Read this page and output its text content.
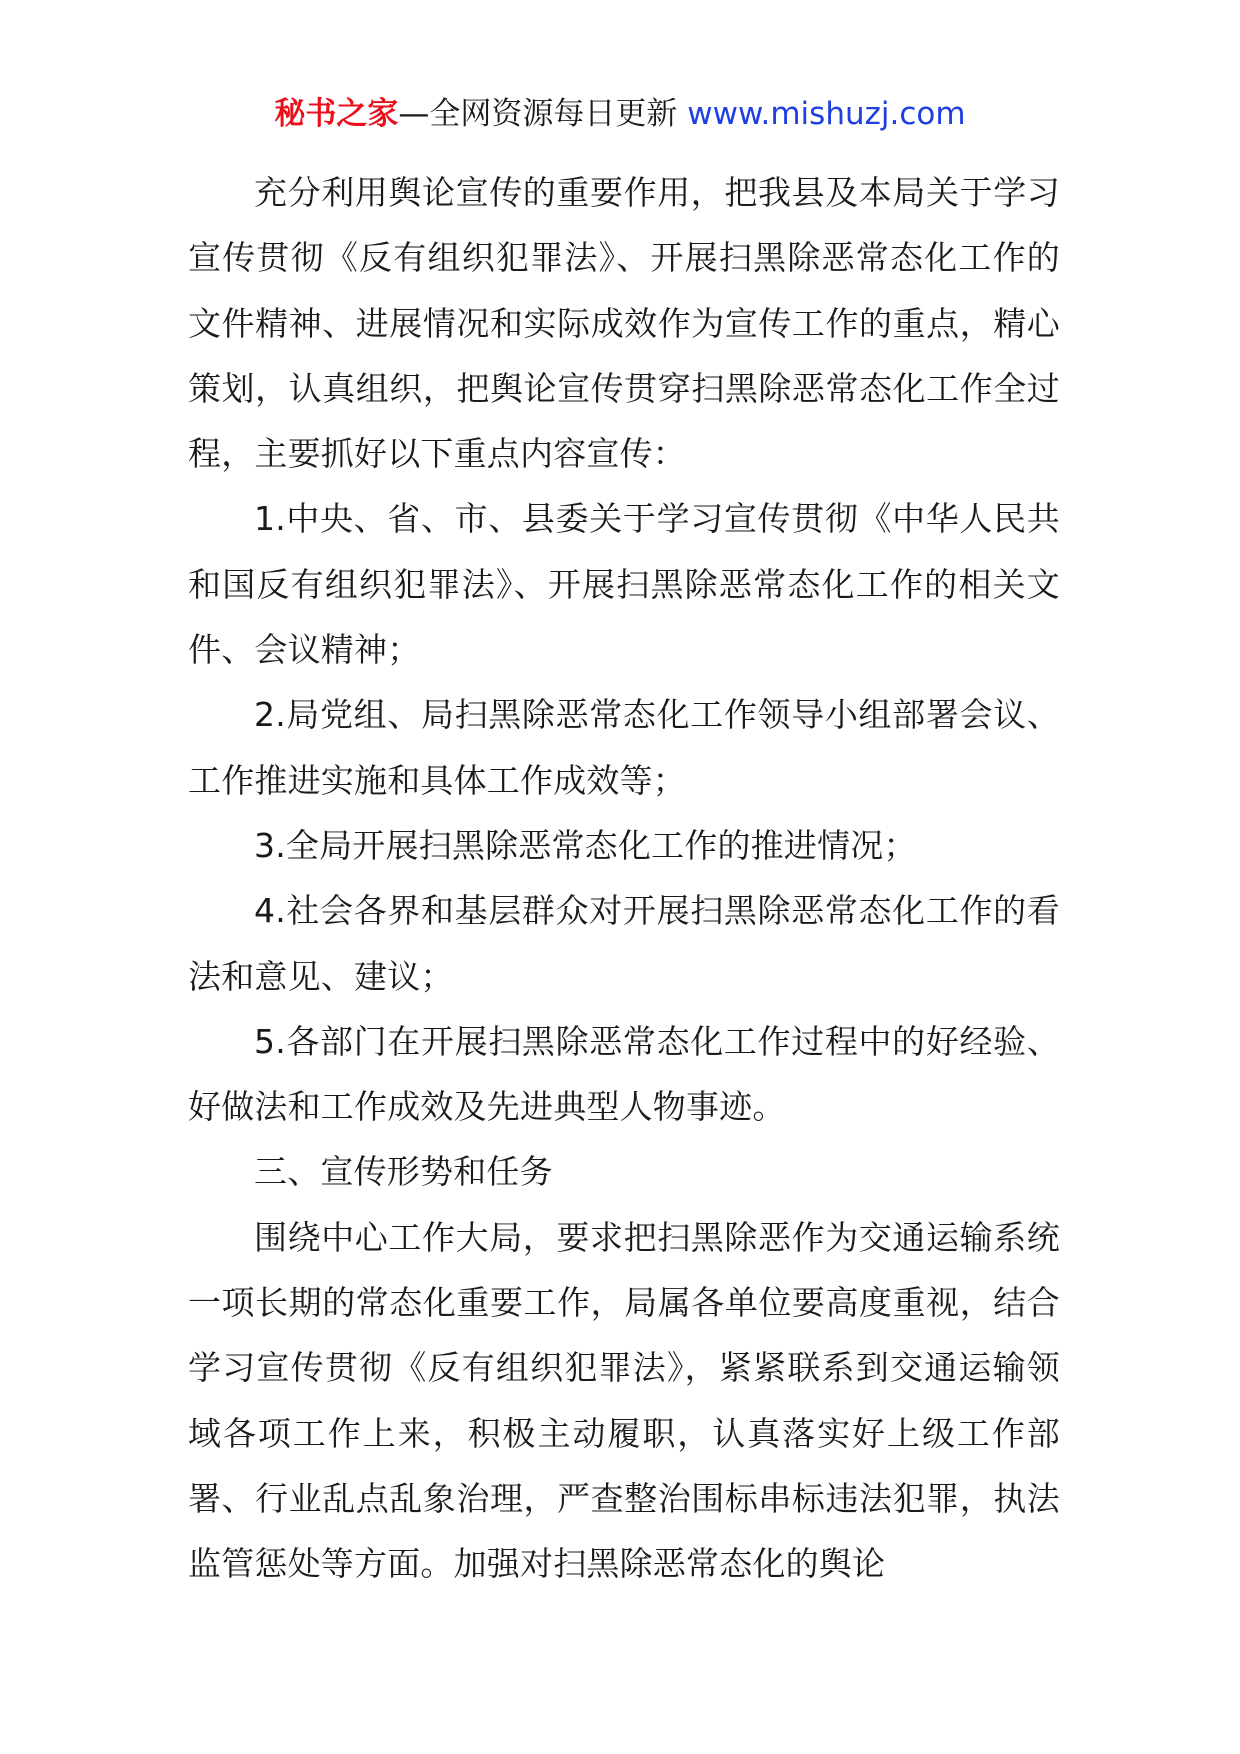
秘书之家—全网资源每日更新 www.mishuzj.com

充分利用舆论宣传的重要作用，把我县及本局关于学习宣传贯彻《反有组织犯罪法》、开展扫黑除恶常态化工作的文件精神、进展情况和实际成效作为宣传工作的重点，精心策划，认真组织，把舆论宣传贯穿扫黑除恶常态化工作全过程，主要抓好以下重点内容宣传：

1.中央、省、市、县委关于学习宣传贯彻《中华人民共和国反有组织犯罪法》、开展扫黑除恶常态化工作的相关文件、会议精神；

2.局党组、局扫黑除恶常态化工作领导小组部署会议、工作推进实施和具体工作成效等；

3.全局开展扫黑除恶常态化工作的推进情况；

4.社会各界和基层群众对开展扫黑除恶常态化工作的看法和意见、建议；

5.各部门在开展扫黑除恶常态化工作过程中的好经验、好做法和工作成效及先进典型人物事迹。

三、宣传形势和任务

围绕中心工作大局，要求把扫黑除恶作为交通运输系统一项长期的常态化重要工作，局属各单位要高度重视，结合学习宣传贯彻《反有组织犯罪法》，紧紧联系到交通运输领域各项工作上来，积极主动履职，认真落实好上级工作部署、行业乱点乱象治理，严查整治围标串标违法犯罪，执法监管惩处等方面。加强对扫黑除恶常态化的舆论
